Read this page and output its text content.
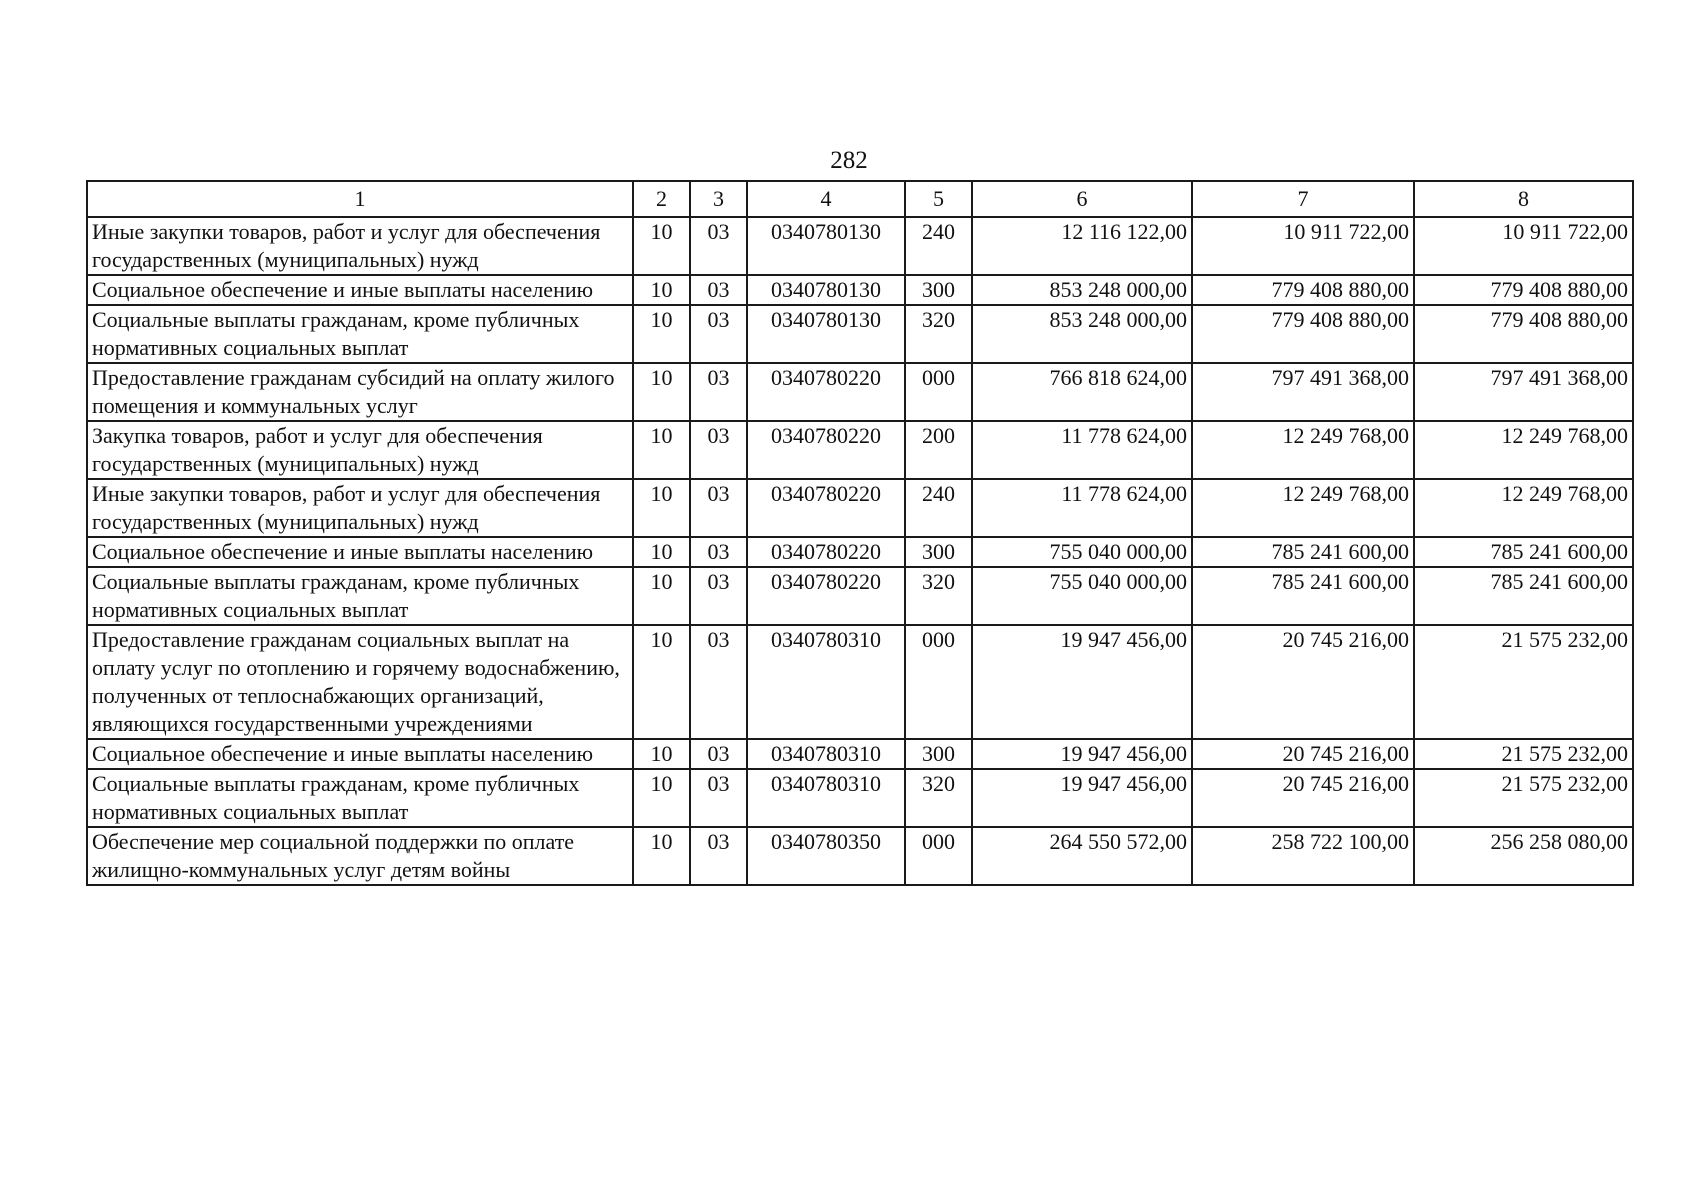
282
1	2	3	4	5	6	7	8
Иные закупки товаров, работ и услуг для обеспечения государственных (муниципальных) нужд	10	03	0340780130	240	12 116 122,00	10 911 722,00	10 911 722,00
Социальное обеспечение и иные выплаты населению	10	03	0340780130	300	853 248 000,00	779 408 880,00	779 408 880,00
Социальные выплаты гражданам, кроме публичных нормативных социальных выплат	10	03	0340780130	320	853 248 000,00	779 408 880,00	779 408 880,00
Предоставление гражданам субсидий на оплату жилого помещения и коммунальных услуг	10	03	0340780220	000	766 818 624,00	797 491 368,00	797 491 368,00
Закупка товаров, работ и услуг для обеспечения государственных (муниципальных) нужд	10	03	0340780220	200	11 778 624,00	12 249 768,00	12 249 768,00
Иные закупки товаров, работ и услуг для обеспечения государственных (муниципальных) нужд	10	03	0340780220	240	11 778 624,00	12 249 768,00	12 249 768,00
Социальное обеспечение и иные выплаты населению	10	03	0340780220	300	755 040 000,00	785 241 600,00	785 241 600,00
Социальные выплаты гражданам, кроме публичных нормативных социальных выплат	10	03	0340780220	320	755 040 000,00	785 241 600,00	785 241 600,00
Предоставление гражданам социальных выплат на оплату услуг по отоплению и горячему водоснабжению, полученных от теплоснабжающих организаций, являющихся государственными учреждениями	10	03	0340780310	000	19 947 456,00	20 745 216,00	21 575 232,00
Социальное обеспечение и иные выплаты населению	10	03	0340780310	300	19 947 456,00	20 745 216,00	21 575 232,00
Социальные выплаты гражданам, кроме публичных нормативных социальных выплат	10	03	0340780310	320	19 947 456,00	20 745 216,00	21 575 232,00
Обеспечение мер социальной поддержки по оплате жилищно-коммунальных услуг детям войны	10	03	0340780350	000	264 550 572,00	258 722 100,00	256 258 080,00
